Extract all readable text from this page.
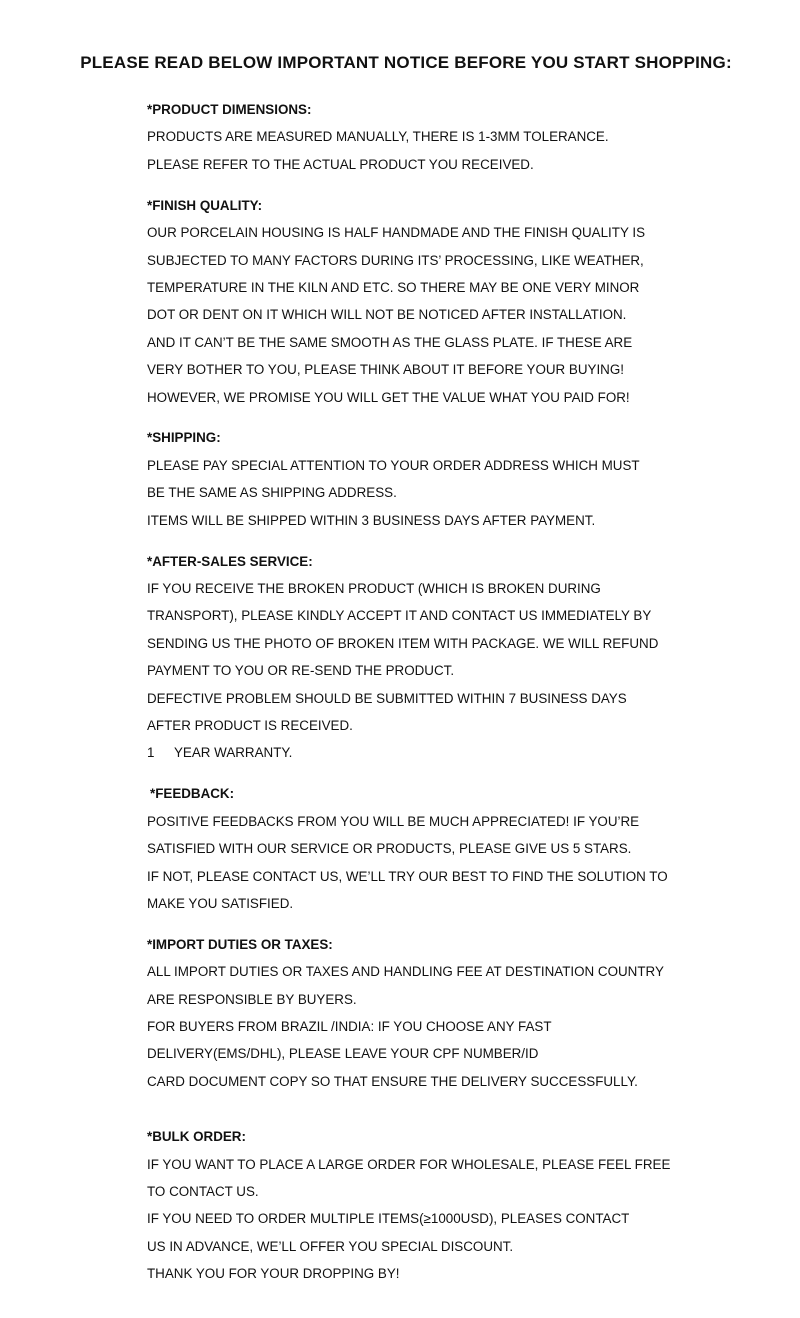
PLEASE READ BELOW IMPORTANT NOTICE BEFORE YOU START SHOPPING:
*PRODUCT DIMENSIONS:
PRODUCTS ARE MEASURED MANUALLY, THERE IS 1-3MM TOLERANCE.
PLEASE REFER TO THE ACTUAL PRODUCT YOU RECEIVED.
*FINISH QUALITY:
OUR PORCELAIN HOUSING IS HALF HANDMADE AND THE FINISH QUALITY IS
SUBJECTED TO MANY FACTORS DURING ITS’ PROCESSING, LIKE WEATHER,
TEMPERATURE IN THE KILN AND ETC. SO THERE MAY BE ONE VERY MINOR
DOT OR DENT ON IT WHICH WILL NOT BE NOTICED AFTER INSTALLATION.
AND IT CAN’T BE THE SAME SMOOTH AS THE GLASS PLATE. IF THESE ARE
VERY BOTHER TO YOU, PLEASE THINK ABOUT IT BEFORE YOUR BUYING!
HOWEVER, WE PROMISE YOU WILL GET THE VALUE WHAT YOU PAID FOR!
*SHIPPING:
PLEASE PAY SPECIAL ATTENTION TO YOUR ORDER ADDRESS WHICH MUST
BE THE SAME AS SHIPPING ADDRESS.
ITEMS WILL BE SHIPPED WITHIN 3 BUSINESS DAYS AFTER PAYMENT.
*AFTER-SALES SERVICE:
IF YOU RECEIVE THE BROKEN PRODUCT (WHICH IS BROKEN DURING
TRANSPORT), PLEASE KINDLY ACCEPT IT AND CONTACT US IMMEDIATELY BY
SENDING US THE PHOTO OF BROKEN ITEM WITH PACKAGE. WE WILL REFUND
PAYMENT TO YOU OR RE-SEND THE PRODUCT.
DEFECTIVE PROBLEM SHOULD BE SUBMITTED WITHIN 7 BUSINESS DAYS
AFTER PRODUCT IS RECEIVED.
1 YEAR WARRANTY.
*FEEDBACK:
POSITIVE FEEDBACKS FROM YOU WILL BE MUCH APPRECIATED! IF YOU’RE
SATISFIED WITH OUR SERVICE OR PRODUCTS, PLEASE GIVE US 5 STARS.
IF NOT, PLEASE CONTACT US, WE’LL TRY OUR BEST TO FIND THE SOLUTION TO
MAKE YOU SATISFIED.
*IMPORT DUTIES OR TAXES:
ALL IMPORT DUTIES OR TAXES AND HANDLING FEE AT DESTINATION COUNTRY
ARE RESPONSIBLE BY BUYERS.
FOR BUYERS FROM BRAZIL /INDIA: IF YOU CHOOSE ANY FAST
DELIVERY(EMS/DHL), PLEASE LEAVE YOUR CPF NUMBER/ID
CARD DOCUMENT COPY SO THAT ENSURE THE DELIVERY SUCCESSFULLY.
*BULK ORDER:
IF YOU WANT TO PLACE A LARGE ORDER FOR WHOLESALE, PLEASE FEEL FREE
TO CONTACT US.
IF YOU NEED TO ORDER MULTIPLE ITEMS(≥1000USD), PLEASES CONTACT
US IN ADVANCE, WE’LL OFFER YOU SPECIAL DISCOUNT.
THANK YOU FOR YOUR DROPPING BY!
